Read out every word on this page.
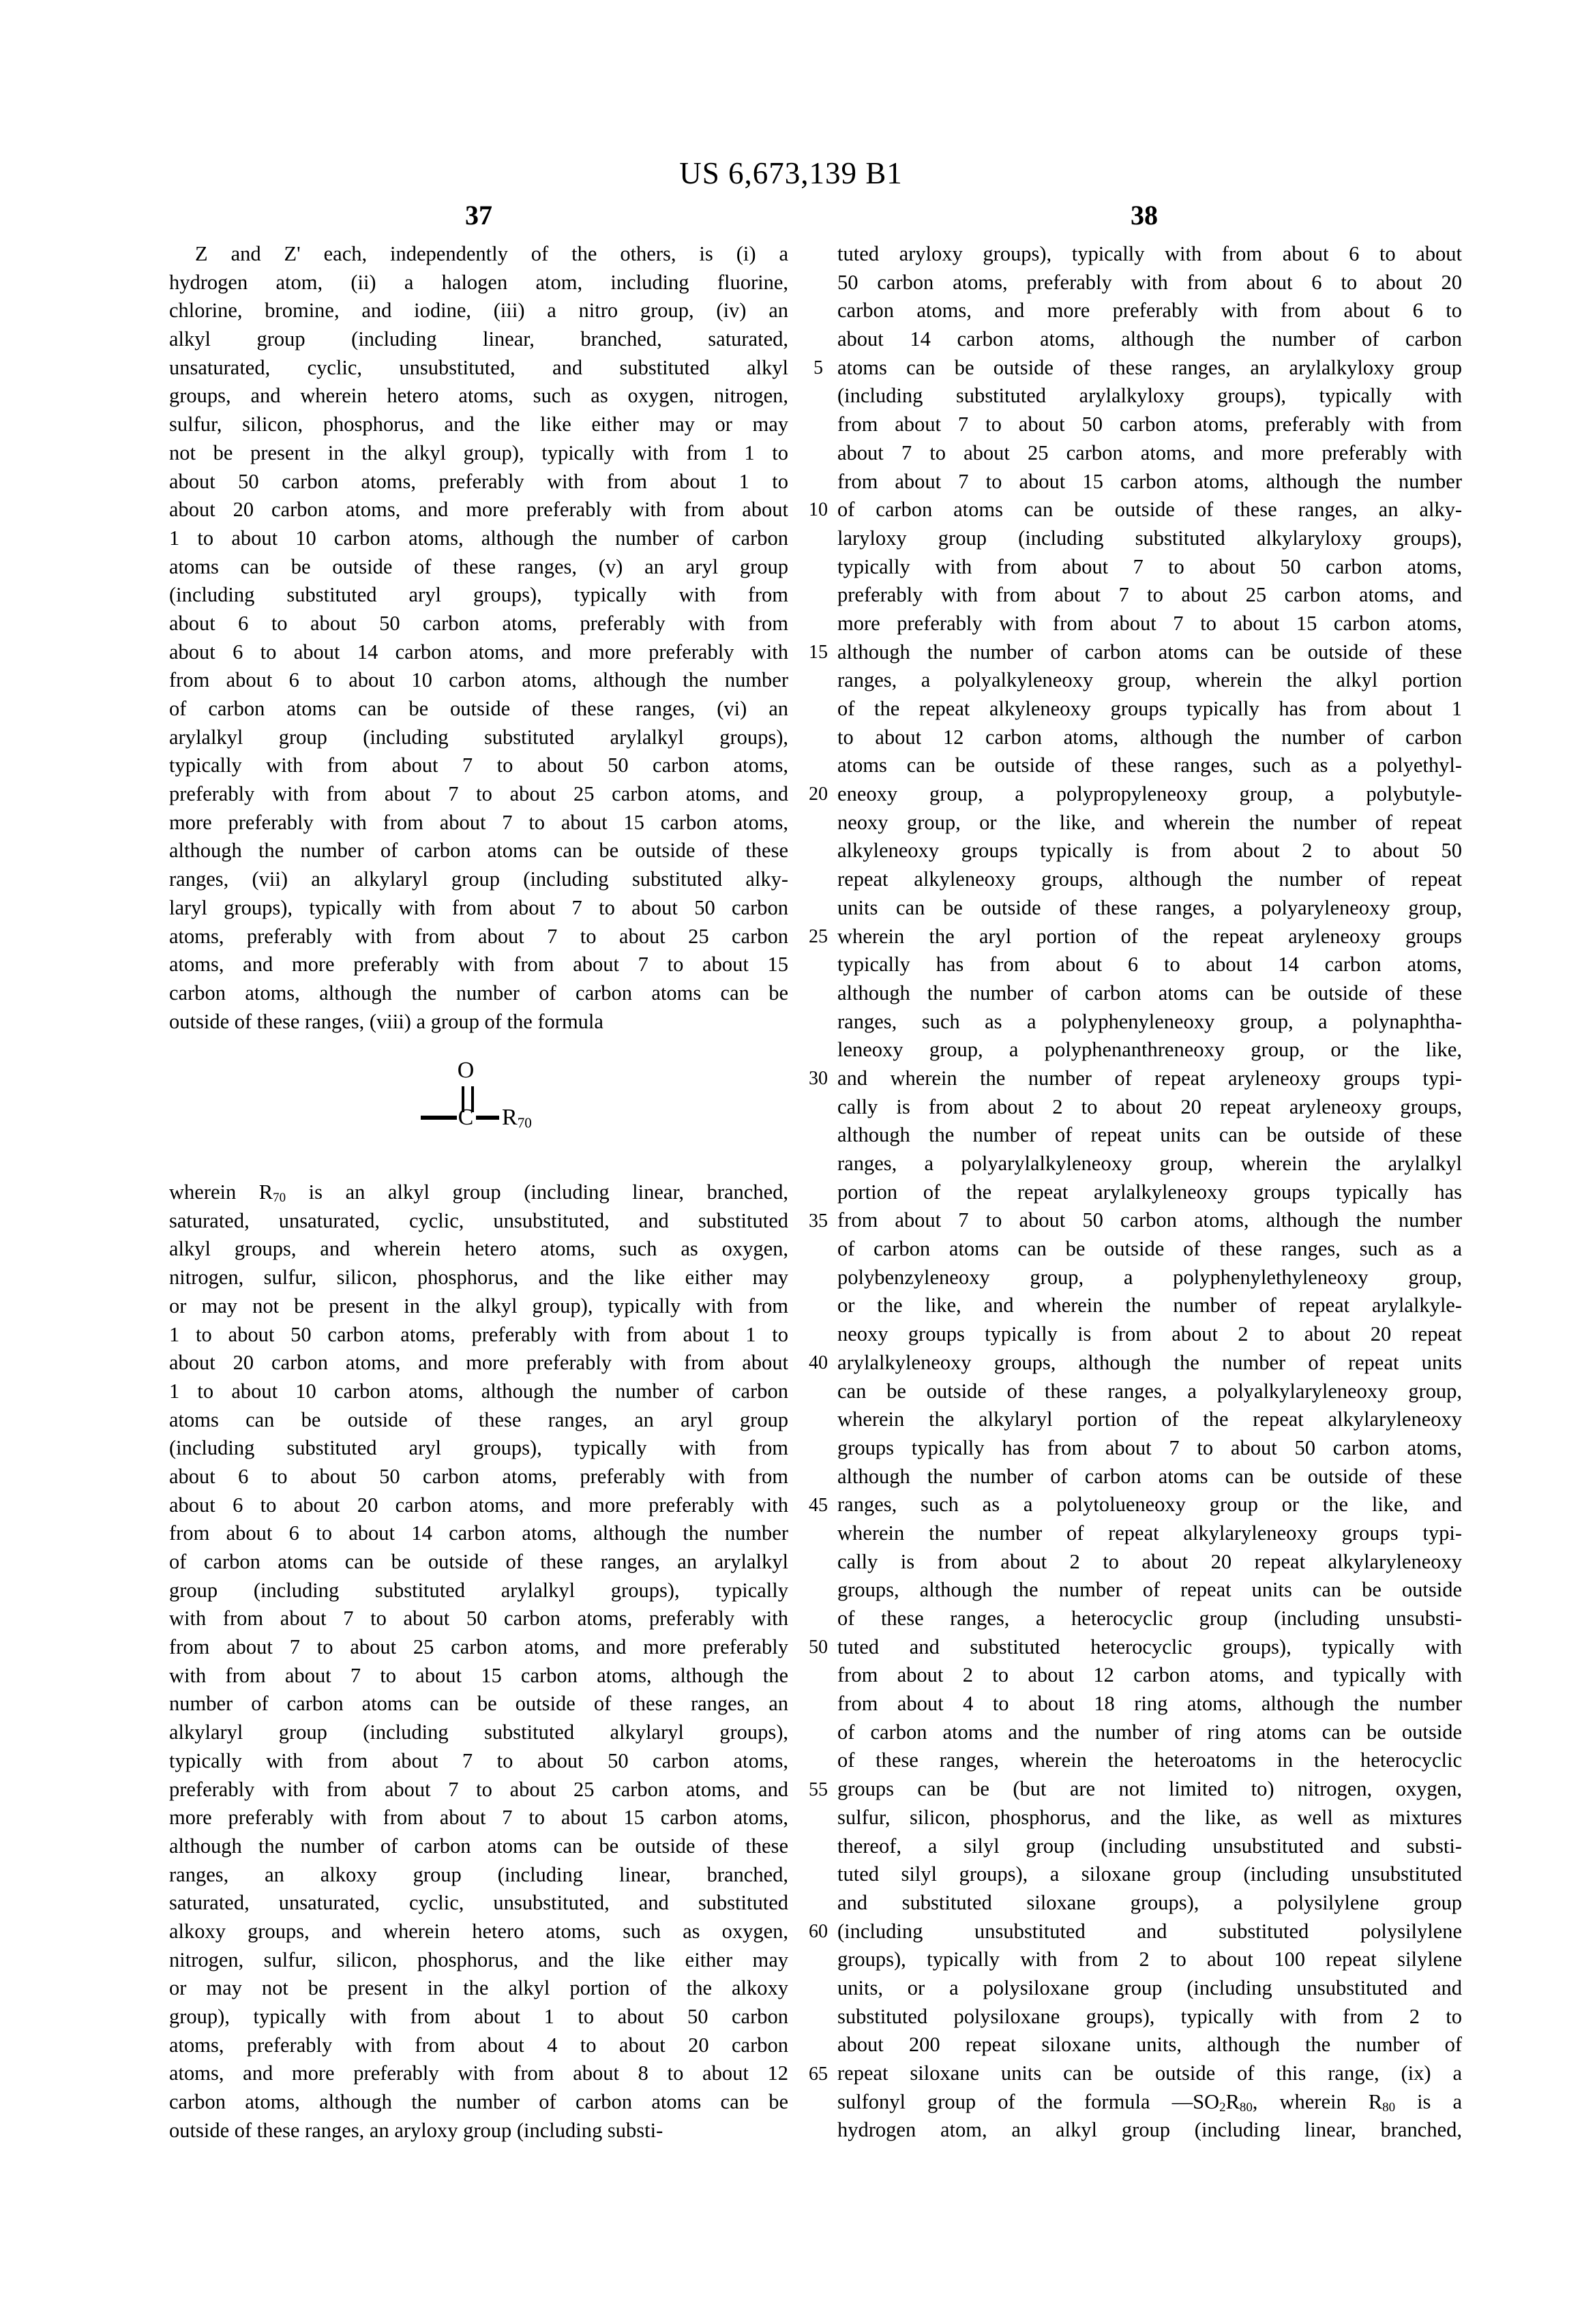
US 6,673,139 B1
37	38
5
10
15
20
25
30
35
40
45
50
55
60
65
Z and Z' each, independently of the others, is (i) a
hydrogen atom, (ii) a halogen atom, including fluorine,
chlorine, bromine, and iodine, (iii) a nitro group, (iv) an
alkyl group (including linear, branched, saturated,
unsaturated, cyclic, unsubstituted, and substituted alkyl
groups, and wherein hetero atoms, such as oxygen, nitrogen,
sulfur, silicon, phosphorus, and the like either may or may
not be present in the alkyl group), typically with from 1 to
about 50 carbon atoms, preferably with from about 1 to
about 20 carbon atoms, and more preferably with from about
1 to about 10 carbon atoms, although the number of carbon
atoms can be outside of these ranges, (v) an aryl group
(including substituted aryl groups), typically with from
about 6 to about 50 carbon atoms, preferably with from
about 6 to about 14 carbon atoms, and more preferably with
from about 6 to about 10 carbon atoms, although the number
of carbon atoms can be outside of these ranges, (vi) an
arylalkyl group (including substituted arylalkyl groups),
typically with from about 7 to about 50 carbon atoms,
preferably with from about 7 to about 25 carbon atoms, and
more preferably with from about 7 to about 15 carbon atoms,
although the number of carbon atoms can be outside of these
ranges, (vii) an alkylaryl group (including substituted alky-
laryl groups), typically with from about 7 to about 50 carbon
atoms, preferably with from about 7 to about 25 carbon
atoms, and more preferably with from about 7 to about 15
carbon atoms, although the number of carbon atoms can be
outside of these ranges, (viii) a group of the formula
O
C $R_{70}$
wherein $R_{70}$ is an alkyl group (including linear, branched,
saturated, unsaturated, cyclic, unsubstituted, and substituted
alkyl groups, and wherein hetero atoms, such as oxygen,
nitrogen, sulfur, silicon, phosphorus, and the like either may
or may not be present in the alkyl group), typically with from
1 to about 50 carbon atoms, preferably with from about 1 to
about 20 carbon atoms, and more preferably with from about
1 to about 10 carbon atoms, although the number of carbon
atoms can be outside of these ranges, an aryl group
(including substituted aryl groups), typically with from
about 6 to about 50 carbon atoms, preferably with from
about 6 to about 20 carbon atoms, and more preferably with
from about 6 to about 14 carbon atoms, although the number
of carbon atoms can be outside of these ranges, an arylalkyl
group (including substituted arylalkyl groups), typically
with from about 7 to about 50 carbon atoms, preferably with
from about 7 to about 25 carbon atoms, and more preferably
with from about 7 to about 15 carbon atoms, although the
number of carbon atoms can be outside of these ranges, an
alkylaryl group (including substituted alkylaryl groups),
typically with from about 7 to about 50 carbon atoms,
preferably with from about 7 to about 25 carbon atoms, and
more preferably with from about 7 to about 15 carbon atoms,
although the number of carbon atoms can be outside of these
ranges, an alkoxy group (including linear, branched,
saturated, unsaturated, cyclic, unsubstituted, and substituted
alkoxy groups, and wherein hetero atoms, such as oxygen,
nitrogen, sulfur, silicon, phosphorus, and the like either may
or may not be present in the alkyl portion of the alkoxy
group), typically with from about 1 to about 50 carbon
atoms, preferably with from about 4 to about 20 carbon
atoms, and more preferably with from about 8 to about 12
carbon atoms, although the number of carbon atoms can be
outside of these ranges, an aryloxy group (including substi-
tuted aryloxy groups), typically with from about 6 to about
50 carbon atoms, preferably with from about 6 to about 20
carbon atoms, and more preferably with from about 6 to
about 14 carbon atoms, although the number of carbon
atoms can be outside of these ranges, an arylalkyloxy group
(including substituted arylalkyloxy groups), typically with
from about 7 to about 50 carbon atoms, preferably with from
about 7 to about 25 carbon atoms, and more preferably with
from about 7 to about 15 carbon atoms, although the number
of carbon atoms can be outside of these ranges, an alky-
laryloxy group (including substituted alkylaryloxy groups),
typically with from about 7 to about 50 carbon atoms,
preferably with from about 7 to about 25 carbon atoms, and
more preferably with from about 7 to about 15 carbon atoms,
although the number of carbon atoms can be outside of these
ranges, a polyalkyleneoxy group, wherein the alkyl portion
of the repeat alkyleneoxy groups typically has from about 1
to about 12 carbon atoms, although the number of carbon
atoms can be outside of these ranges, such as a polyethyl-
eneoxy group, a polypropyleneoxy group, a polybutyle-
neoxy group, or the like, and wherein the number of repeat
alkyleneoxy groups typically is from about 2 to about 50
repeat alkyleneoxy groups, although the number of repeat
units can be outside of these ranges, a polyaryleneoxy group,
wherein the aryl portion of the repeat aryleneoxy groups
typically has from about 6 to about 14 carbon atoms,
although the number of carbon atoms can be outside of these
ranges, such as a polyphenyleneoxy group, a polynaphtha-
leneoxy group, a polyphenanthreneoxy group, or the like,
and wherein the number of repeat aryleneoxy groups typi-
cally is from about 2 to about 20 repeat aryleneoxy groups,
although the number of repeat units can be outside of these
ranges, a polyarylalkyleneoxy group, wherein the arylalkyl
portion of the repeat arylalkyleneoxy groups typically has
from about 7 to about 50 carbon atoms, although the number
of carbon atoms can be outside of these ranges, such as a
polybenzyleneoxy group, a polyphenylethyleneoxy group,
or the like, and wherein the number of repeat arylalkyle-
neoxy groups typically is from about 2 to about 20 repeat
arylalkyleneoxy groups, although the number of repeat units
can be outside of these ranges, a polyalkylaryleneoxy group,
wherein the alkylaryl portion of the repeat alkylaryleneoxy
groups typically has from about 7 to about 50 carbon atoms,
although the number of carbon atoms can be outside of these
ranges, such as a polytolueneoxy group or the like, and
wherein the number of repeat alkylaryleneoxy groups typi-
cally is from about 2 to about 20 repeat alkylaryleneoxy
groups, although the number of repeat units can be outside
of these ranges, a heterocyclic group (including unsubsti-
tuted and substituted heterocyclic groups), typically with
from about 2 to about 12 carbon atoms, and typically with
from about 4 to about 18 ring atoms, although the number
of carbon atoms and the number of ring atoms can be outside
of these ranges, wherein the heteroatoms in the heterocyclic
groups can be (but are not limited to) nitrogen, oxygen,
sulfur, silicon, phosphorus, and the like, as well as mixtures
thereof, a silyl group (including unsubstituted and substi-
tuted silyl groups), a siloxane group (including unsubstituted
and substituted siloxane groups), a polysilylene group
(including unsubstituted and substituted polysilylene
groups), typically with from 2 to about 100 repeat silylene
units, or a polysiloxane group (including unsubstituted and
substituted polysiloxane groups), typically with from 2 to
about 200 repeat siloxane units, although the number of
repeat siloxane units can be outside of this range, (ix) a
sulfonyl group of the formula $—SO_2R_{80}$, wherein $R_{80}$ is a
hydrogen atom, an alkyl group (including linear, branched,
